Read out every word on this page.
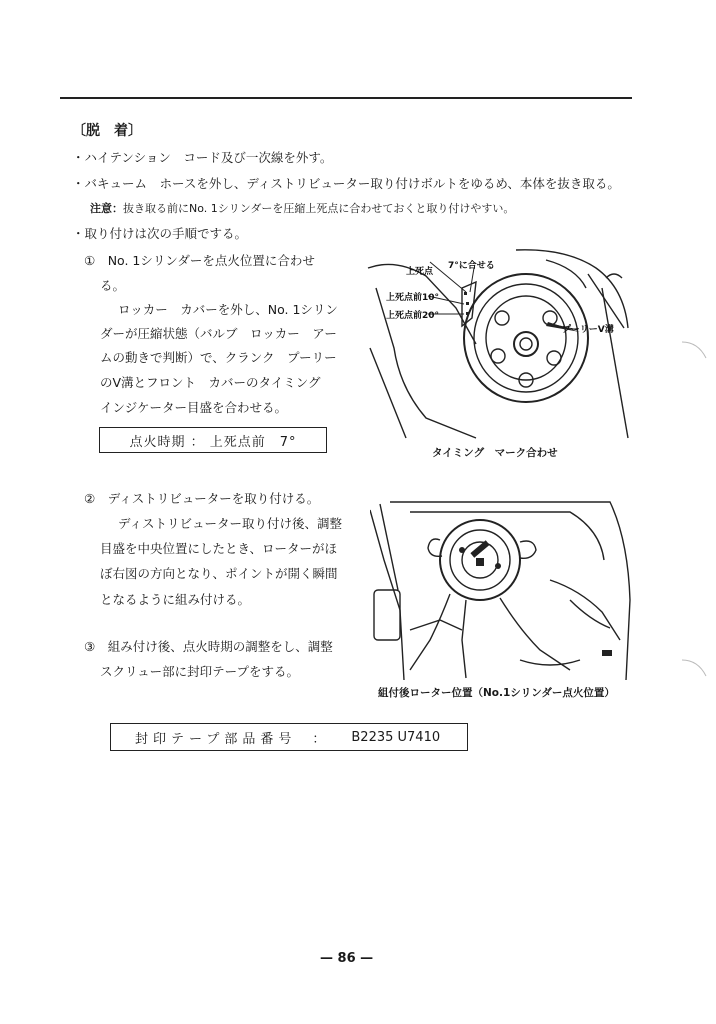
〔脱　着〕
・ハイテンション　コード及び一次線を外す。
・バキューム　ホースを外し、ディストリビューター取り付けボルトをゆるめ、本体を抜き取る。
注意：抜き取る前にNo. 1シリンダーを圧縮上死点に合わせておくと取り付けやすい。
・取り付けは次の手順でする。
①　No. 1シリンダーを点火位置に合わせ
る。
ロッカー　カバーを外し、No. 1シリン
ダーが圧縮状態（バルブ　ロッカー　アー
ムの動きで判断）で、クランク　プーリー
のV溝とフロント　カバーのタイミング
インジケーター目盛を合わせる。
点火時期 ： 上死点前　7°
上死点
7°に合せる
上死点前10°
上死点前20°
プーリーV溝
タイミング　マーク合わせ
②　ディストリビューターを取り付ける。
ディストリビューター取り付け後、調整
目盛を中央位置にしたとき、ローターがほ
ぼ右図の方向となり、ポイントが開く瞬間
となるように組み付ける。
組付後ローター位置（No.1シリンダー点火位置）
③　組み付け後、点火時期の調整をし、調整
スクリュー部に封印テープをする。
封印テープ部品番号 ： B2235 U7410
— 86 —
